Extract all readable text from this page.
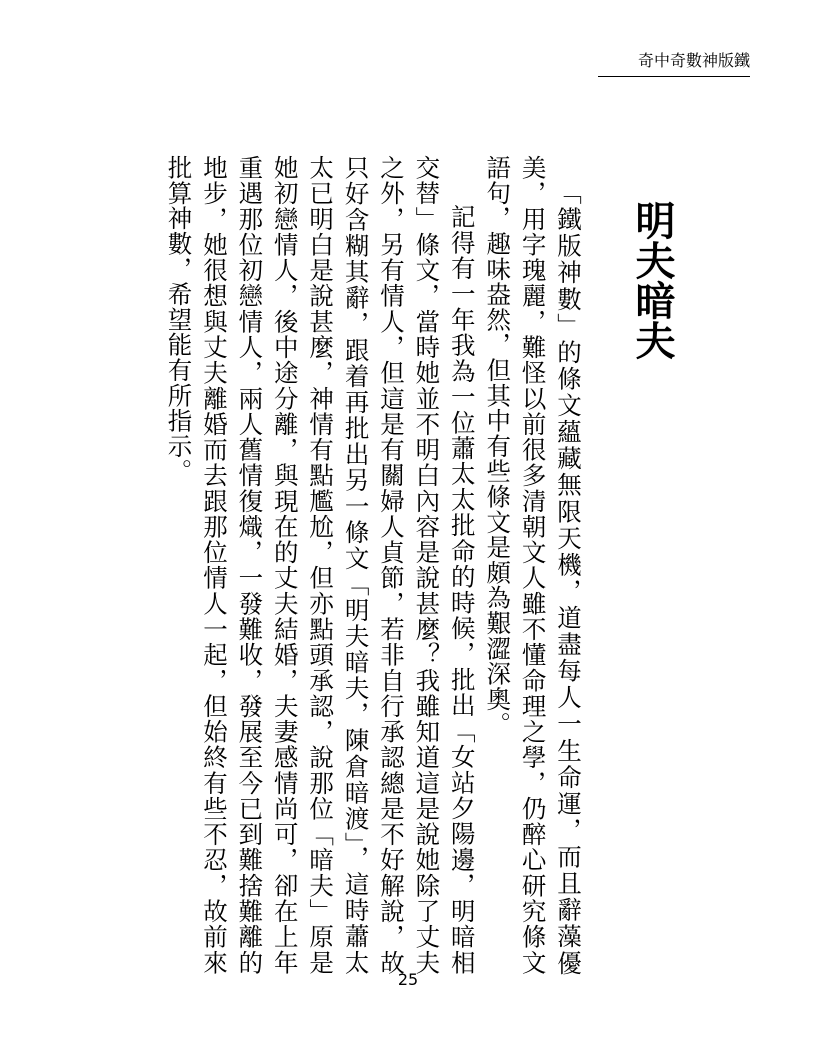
奇中奇數神版鐵
明夫暗夫

「鐵版神數」的條文蘊藏無限天機，道盡每人一生命運，而且辭藻優美，用字瑰麗，難怪以前很多清朝文人雖不懂命理之學，仍醉心研究條文語句，趣味盎然，但其中有些條文是頗為艱澀深奧。

記得有一年我為一位蕭太太批命的時候，批出「女站夕陽邊，明暗相交替」條文，當時她並不明白內容是說甚麼？我雖知道這是說她除了丈夫之外，另有情人，但這是有關婦人貞節，若非自行承認總是不好解說，故只好含糊其辭，跟着再批出另一條文「明夫暗夫，陳倉暗渡」，這時蕭太太已明白是說甚麼，神情有點尷尬，但亦點頭承認，說那位「暗夫」原是她初戀情人，後中途分離，與現在的丈夫結婚，夫妻感情尚可，卻在上年重遇那位初戀情人，兩人舊情復熾，一發難收，發展至今已到難捨難離的地步，她很想與丈夫離婚而去跟那位情人一起，但始終有些不忍，故前來批算神數，希望能有所指示。

25
